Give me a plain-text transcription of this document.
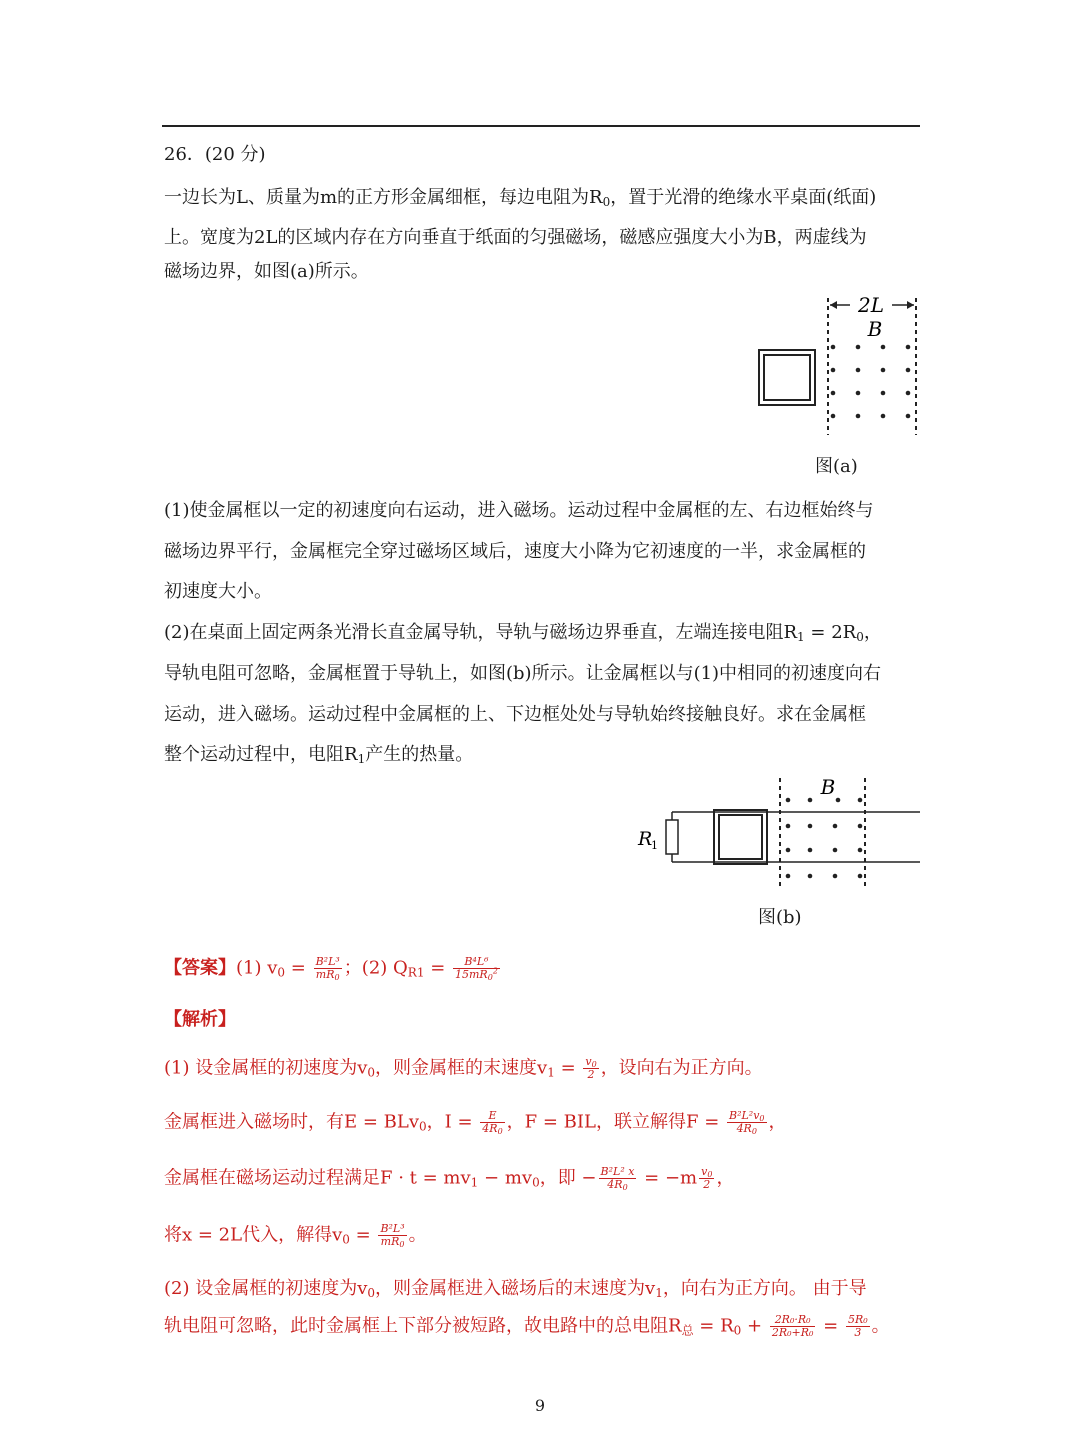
26．(20 分)
一边长为L、质量为m的正方形金属细框，每边电阻为$R_0$，置于光滑的绝缘水平桌面(纸面)
上。宽度为2L的区域内存在方向垂直于纸面的匀强磁场，磁感应强度大小为B，两虚线为
磁场边界，如图(a)所示。
2L
B
图(a)
(1)使金属框以一定的初速度向右运动，进入磁场。运动过程中金属框的左、右边框始终与
磁场边界平行，金属框完全穿过磁场区域后，速度大小降为它初速度的一半，求金属框的
初速度大小。
(2)在桌面上固定两条光滑长直金属导轨，导轨与磁场边界垂直，左端连接电阻$R_1 = 2R_0$，
导轨电阻可忽略，金属框置于导轨上，如图(b)所示。让金属框以与(1)中相同的初速度向右
运动，进入磁场。运动过程中金属框的上、下边框处处与导轨始终接触良好。求在金属框
整个运动过程中，电阻$R_1$产生的热量。
R
1
B
图(b)
【答案】(1) $v_0 = \frac{\text{B²L³}}{mR_0}$ ；(2) $Q_{R1} = \frac{\text{B⁴L⁶}}{15mR_0^2}$
【解析】
(1) 设金属框的初速度为$v_0$，则金属框的末速度$v_1 = \frac{v_0}{2}$ ，设向右为正方向。
金属框进入磁场时，有E = BLv$_0$，$I = \frac{E}{4R_0}$ ，F = BIL，联立解得$F = \frac{B^2L^2v_0}{4R_0}$ ，
金属框在磁场运动过程满足$F \cdot t = mv_1 - mv_0$，即 − $\frac{\text{B²L² x}}{4R_0} = -m \frac{v_0}{2}$ ，
将x = 2L代入，解得$v_0 = \frac{\text{B²L³}}{mR_0}$ 。
(2) 设金属框的初速度为$v_0$，则金属框进入磁场后的末速度为$v_1$，向右为正方向。 由于导
轨电阻可忽略，此时金属框上下部分被短路，故电路中的总电阻$R_总 = R_0 + \frac{\text{2R₀·R₀}}{\text{2R₀+R₀}} = \frac{\text{5R₀}}{3}$ 。
9
